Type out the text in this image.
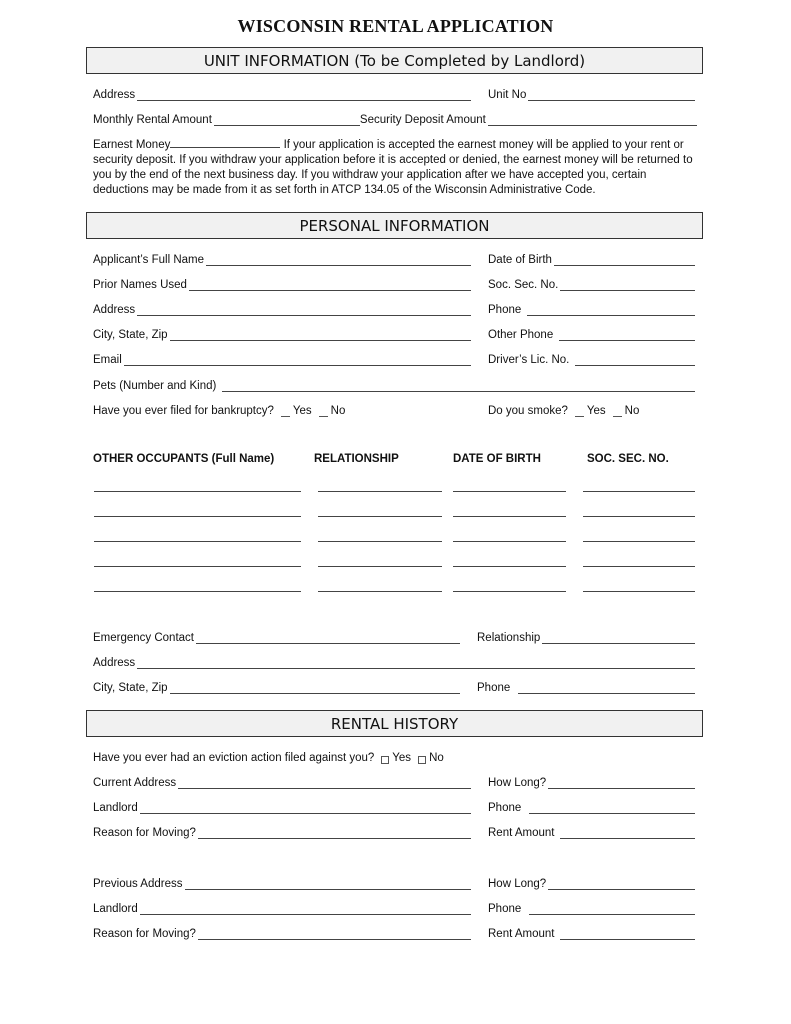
WISCONSIN RENTAL APPLICATION
UNIT INFORMATION (To be Completed by Landlord)
Address	Unit No
Monthly Rental Amount	Security Deposit Amount
Earnest Money	If your application is accepted the earnest money will be applied to your rent or security deposit. If you withdraw your application before it is accepted or denied, the earnest money will be returned to you by the end of the next business day. If you withdraw your application after we have accepted you, certain deductions may be made from it as set forth in ATCP 134.05 of the Wisconsin Administrative Code.
PERSONAL INFORMATION
Applicant’s Full Name	Date of Birth
Prior Names Used	Soc. Sec. No.
Address	Phone
City, State, Zip	Other Phone
Email	Driver’s Lic. No.
Pets (Number and Kind)
Have you ever filed for bankruptcy? Yes No	Do you smoke? Yes No
OTHER OCCUPANTS (Full Name)	RELATIONSHIP	DATE OF BIRTH	SOC. SEC. NO.
Emergency Contact	Relationship
Address
City, State, Zip	Phone
RENTAL HISTORY
Have you ever had an eviction action filed against you? Yes No
Current Address	How Long?
Landlord	Phone
Reason for Moving?	Rent Amount
Previous Address	How Long?
Landlord	Phone
Reason for Moving?	Rent Amount
